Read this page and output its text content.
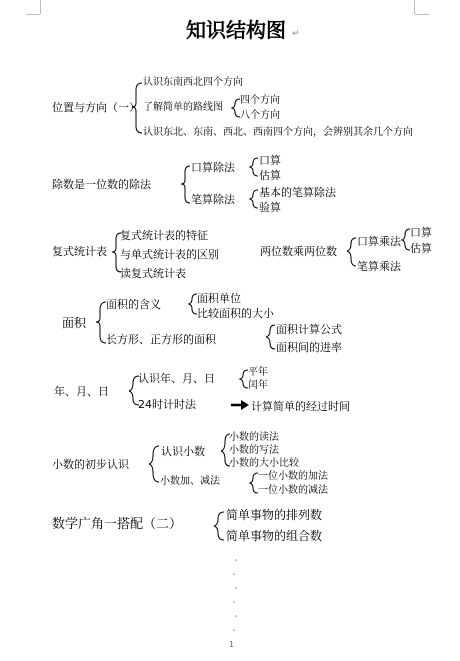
知识结构图 ↵
位置与方向（一）
认识东南西北四个方向
了解简单的路线图
认识东北、东南、西北、西南四个方向，会辨别其余几个方向
四个方向
八个方向
除数是一位数的除法
口算除法
笔算除法
口算
估算
基本的笔算除法
验算
复式统计表
复式统计表的特征
与单式统计表的区别
读复式统计表
两位数乘两位数
口算乘法
笔算乘法
口算
估算
面积
面积的含义
长方形、正方形的面积
面积单位
比较面积的大小
面积计算公式
面积间的进率
年、月、日
认识年、月、日
24时计时法
平年
闰年
计算简单的经过时间
小数的初步认识
认识小数
小数加、减法
小数的读法
小数的写法
小数的大小比较
一位小数的加法
一位小数的减法
数学广角一搭配（二）
简单事物的排列数
简单事物的组合数
1
